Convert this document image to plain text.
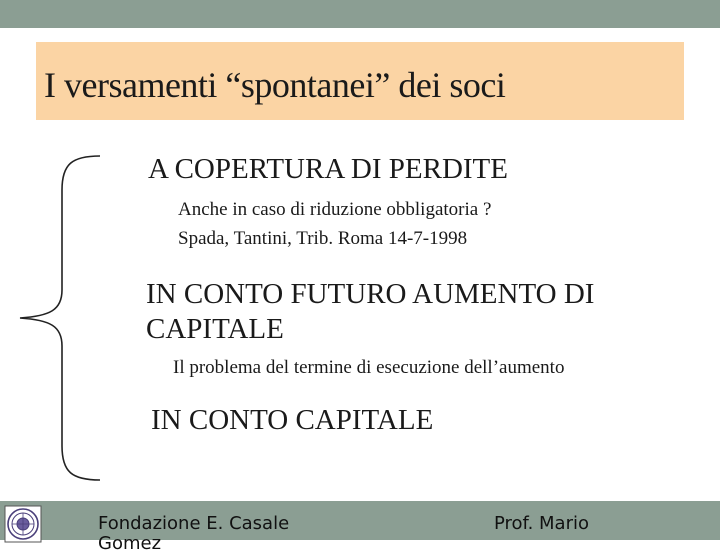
I versamenti “spontanei” dei soci
A COPERTURA DI PERDITE
Anche in caso di riduzione obbligatoria ?
Spada, Tantini, Trib. Roma 14-7-1998
IN CONTO FUTURO AUMENTO DI
CAPITALE
Il problema del termine di esecuzione dell’aumento
IN CONTO CAPITALE
Fondazione E. Casale
Gomez
Prof. Mario
